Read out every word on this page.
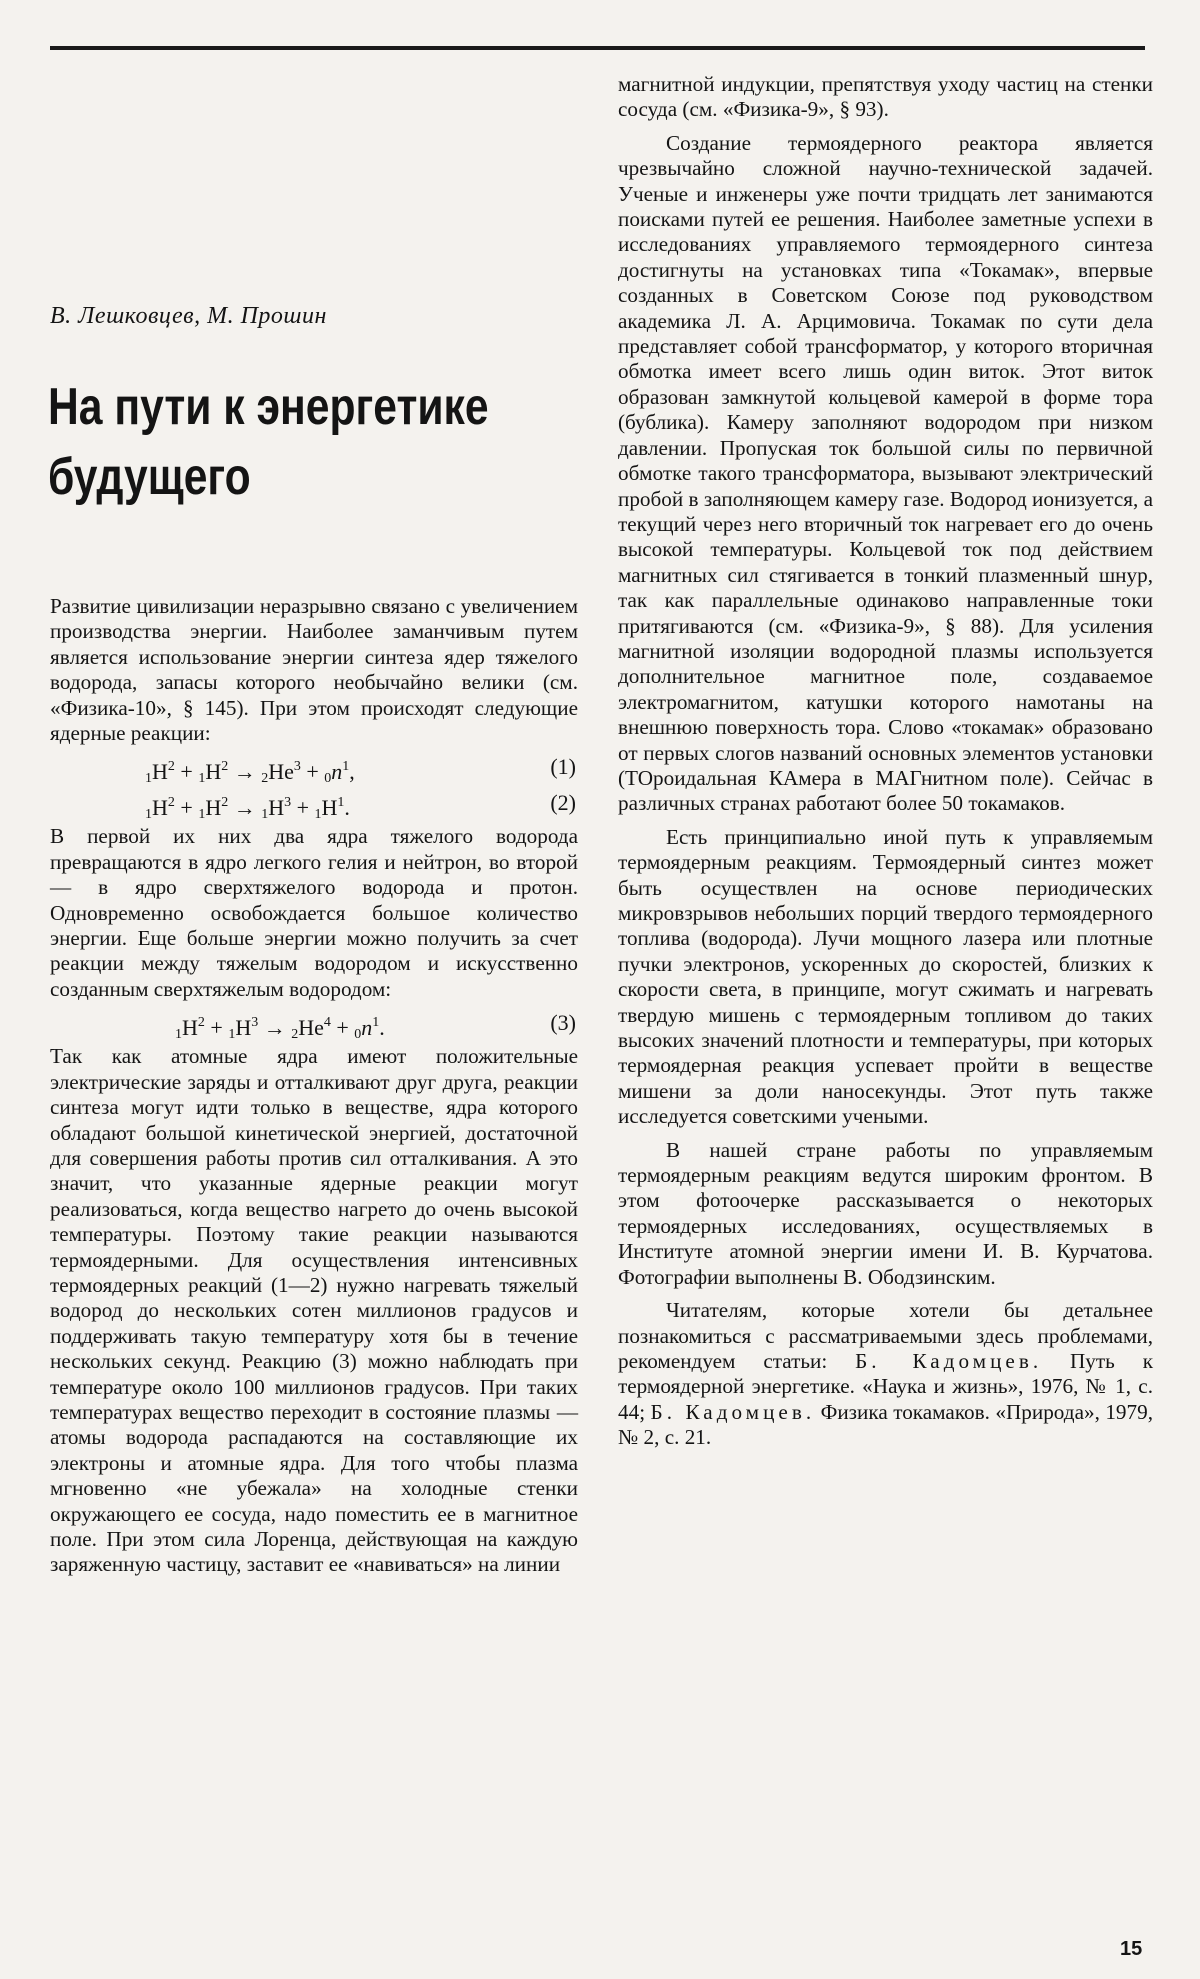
В. Лешковцев, М. Прошин
На пути к энергетике будущего

Развитие цивилизации неразрывно связано с увеличением производства энергии. Наиболее заманчивым путем является использование энергии синтеза ядер тяжелого водорода, запасы которого необычайно велики (см. «Физика-10», § 145). При этом происходят следующие ядерные реакции:

$_1H^2 + _1H^2 \to _2He^3 + _0n^1$,	(1)
$_1H^2 + _1H^2 \to _1H^3 + _1H^1$.	(2)

В первой их них два ядра тяжелого водорода превращаются в ядро легкого гелия и нейтрон, во второй — в ядро сверхтяжелого водорода и протон. Одновременно освобождается большое количество энергии. Еще больше энергии можно получить за счет реакции между тяжелым водородом и искусственно созданным сверхтяжелым водородом:

$_1H^2 + _1H^3 \to _2He^4 + _0n^1$.	(3)

Так как атомные ядра имеют положительные электрические заряды и отталкивают друг друга, реакции синтеза могут идти только в веществе, ядра которого обладают большой кинетической энергией, достаточной для совершения работы против сил отталкивания. А это значит, что указанные ядерные реакции могут реализоваться, когда вещество нагрето до очень высокой температуры. Поэтому такие реакции называются термоядерными. Для осуществления интенсивных термоядерных реакций (1—2) нужно нагревать тяжелый водород до нескольких сотен миллионов градусов и поддерживать такую температуру хотя бы в течение нескольких секунд. Реакцию (3) можно наблюдать при температуре около 100 миллионов градусов. При таких температурах вещество переходит в состояние плазмы — атомы водорода распадаются на составляющие их электроны и атомные ядра. Для того чтобы плазма мгновенно «не убежала» на холодные стенки окружающего ее сосуда, надо поместить ее в магнитное поле. При этом сила Лоренца, действующая на каждую заряженную частицу, заставит ее «навиваться» на линии

магнитной индукции, препятствуя уходу частиц на стенки сосуда (см. «Физика-9», § 93).

Создание термоядерного реактора является чрезвычайно сложной научно-технической задачей. Ученые и инженеры уже почти тридцать лет занимаются поисками путей ее решения. Наиболее заметные успехи в исследованиях управляемого термоядерного синтеза достигнуты на установках типа «Токамак», впервые созданных в Советском Союзе под руководством академика Л. А. Арцимовича. Токамак по сути дела представляет собой трансформатор, у которого вторичная обмотка имеет всего лишь один виток. Этот виток образован замкнутой кольцевой камерой в форме тора (бублика). Камеру заполняют водородом при низком давлении. Пропуская ток большой силы по первичной обмотке такого трансформатора, вызывают электрический пробой в заполняющем камеру газе. Водород ионизуется, а текущий через него вторичный ток нагревает его до очень высокой температуры. Кольцевой ток под действием магнитных сил стягивается в тонкий плазменный шнур, так как параллельные одинаково направленные токи притягиваются (см. «Физика-9», § 88). Для усиления магнитной изоляции водородной плазмы используется дополнительное магнитное поле, создаваемое электромагнитом, катушки которого намотаны на внешнюю поверхность тора. Слово «токамак» образовано от первых слогов названий основных элементов установки (ТОроидальная КАмера в МАГнитном поле). Сейчас в различных странах работают более 50 токамаков.

Есть принципиально иной путь к управляемым термоядерным реакциям. Термоядерный синтез может быть осуществлен на основе периодических микровзрывов небольших порций твердого термоядерного топлива (водорода). Лучи мощного лазера или плотные пучки электронов, ускоренных до скоростей, близких к скорости света, в принципе, могут сжимать и нагревать твердую мишень с термоядерным топливом до таких высоких значений плотности и температуры, при которых термоядерная реакция успевает пройти в веществе мишени за доли наносекунды. Этот путь также исследуется советскими учеными.

В нашей стране работы по управляемым термоядерным реакциям ведутся широким фронтом. В этом фотоочерке рассказывается о некоторых термоядерных исследованиях, осуществляемых в Институте атомной энергии имени И. В. Курчатова. Фотографии выполнены В. Ободзинским.

Читателям, которые хотели бы детальнее познакомиться с рассматриваемыми здесь проблемами, рекомендуем статьи: Б. Кадомцев. Путь к термоядерной энергетике. «Наука и жизнь», 1976, № 1, с. 44; Б. Кадомцев. Физика токамаков. «Природа», 1979, № 2, с. 21.

15
